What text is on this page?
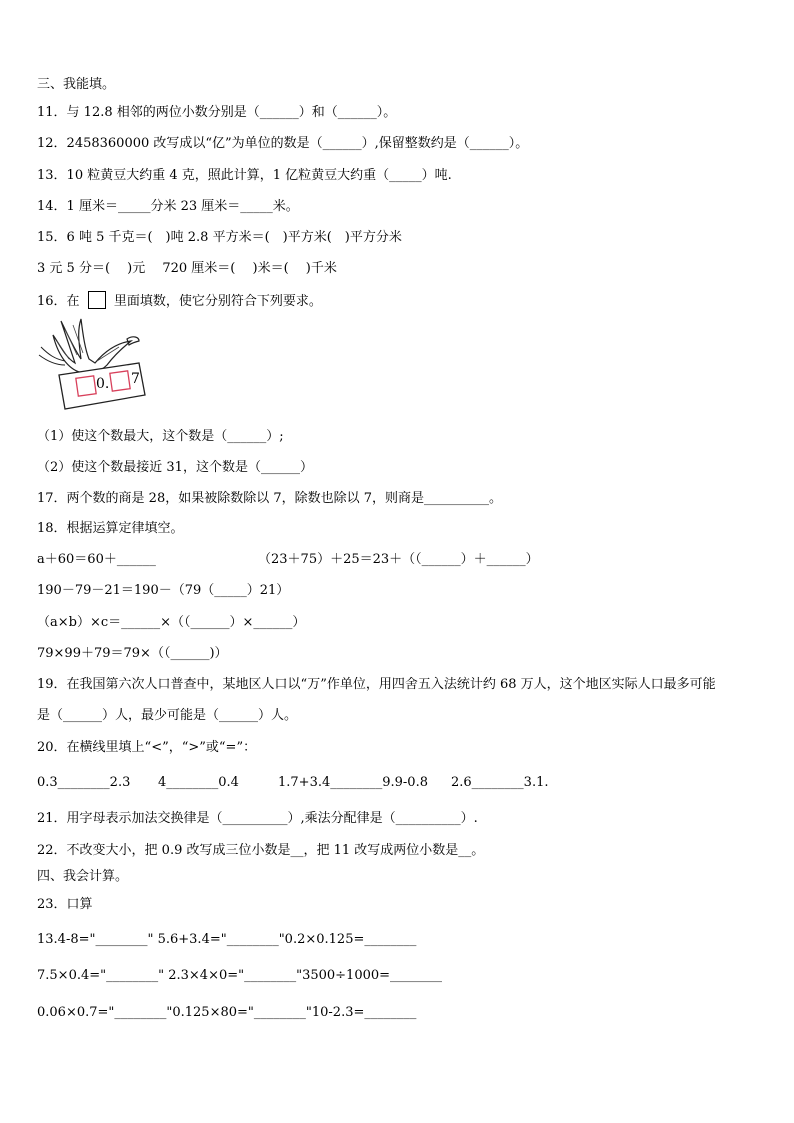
三、我能填。
11．与 12.8 相邻的两位小数分别是（______）和（______）。
12．2458360000 改写成以“亿”为单位的数是（______）,保留整数约是（______）。
13．10 粒黄豆大约重 4 克，照此计算，1 亿粒黄豆大约重（_____）吨.
14．1 厘米＝_____分米 23 厘米＝_____米。
15．6 吨 5 千克＝(　)吨 2.8 平方米＝(　)平方米(　)平方分米
3 元 5 分＝(　 )元　 720 厘米＝(　 )米＝(　 )千米
16．在	里面填数，使它分别符合下列要求。
0. 7
（1）使这个数最大，这个数是（______）;
（2）使这个数最接近 31，这个数是（______）
17．两个数的商是 28，如果被除数除以 7，除数也除以 7，则商是__________。
18．根据运算定律填空。
a＋60＝60＋______	（23＋75）＋25＝23＋（（______）＋______）
190－79－21＝190－（79（_____）21）
（a×b）×c＝______×（（______）×______）
79×99＋79＝79×（（______)）
19．在我国第六次人口普查中，某地区人口以“万”作单位，用四舍五入法统计约 68 万人，这个地区实际人口最多可能
是（______）人，最少可能是（______）人。
20．在横线里填上“<”，“>”或“=”：
0.3________2.3 4________0.4	1.7+3.4________9.9-0.8 2.6________3.1.
21．用字母表示加法交换律是（__________）,乘法分配律是（__________）.
22．不改变大小，把 0.9 改写成三位小数是__，把 11 改写成两位小数是__。
四、我会计算。
23．口算
13.4-8="________" 5.6+3.4="________"0.2×0.125=________
7.5×0.4="________" 2.3×4×0="________"3500÷1000=________
0.06×0.7="________"0.125×80="________"10-2.3=________
